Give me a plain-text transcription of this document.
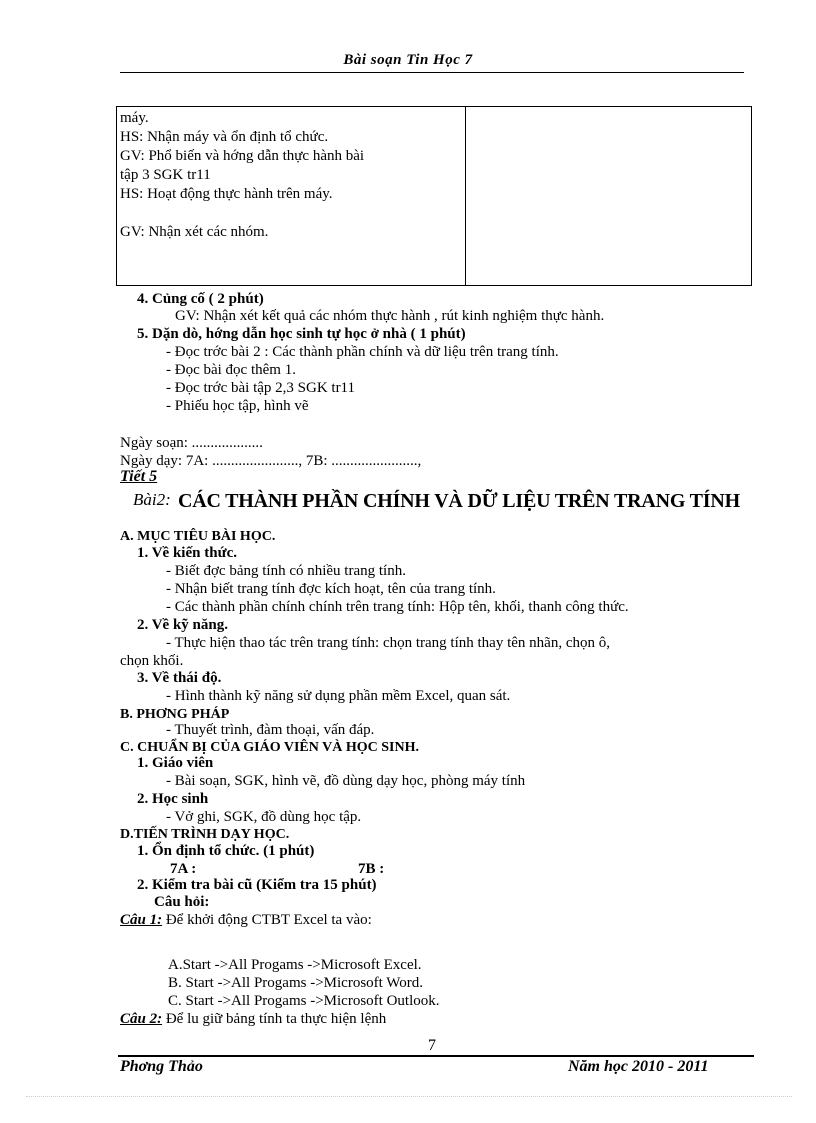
Bài soạn Tin Học 7
máy.
HS: Nhận máy và ổn định tổ chức.
GV: Phổ biến và hớng dẫn thực hành bài
tập 3 SGK tr11
HS: Hoạt động thực hành trên máy.
GV: Nhận xét các nhóm.
4. Củng cố ( 2 phút)
GV: Nhận xét kết quả các nhóm thực hành , rút kinh nghiệm thực hành.
5. Dặn dò, hớng dẫn học sinh tự học ở nhà ( 1 phút)
- Đọc trớc bài 2 : Các thành phần chính và dữ liệu trên trang tính.
- Đọc bài đọc thêm 1.
- Đọc trớc bài tập 2,3 SGK tr11
- Phiếu học tập, hình vẽ
Ngày soạn: ...................
Ngày dạy: 7A: ......................., 7B: .......................,
Tiết 5
Bài2: CÁC THÀNH PHẦN CHÍNH VÀ DỮ LIỆU TRÊN TRANG TÍNH
A. MỤC TIÊU BÀI HỌC.
1. Về kiến thức.
- Biết đợc bảng tính có nhiều trang tính.
- Nhận biết trang tính đợc kích hoạt, tên của trang tính.
- Các thành phần chính chính trên trang tính: Hộp tên, khối, thanh công thức.
2. Về kỹ năng.
- Thực hiện thao tác trên trang tính: chọn trang tính thay tên nhãn, chọn ô,
chọn khối.
3. Về thái độ.
- Hình thành kỹ năng sử dụng phần mềm Excel, quan sát.
B. PHƠNG PHÁP
- Thuyết trình, đàm thoại, vấn đáp.
C. CHUẨN BỊ CỦA GIÁO VIÊN VÀ HỌC SINH.
1. Giáo viên
- Bài soạn, SGK, hình vẽ, đồ dùng dạy học, phòng máy tính
2. Học sinh
- Vở ghi, SGK, đồ dùng học tập.
D.TIẾN TRÌNH DẠY HỌC.
1. Ổn định tổ chức. (1 phút)
7A :	7B :
2. Kiểm tra bài cũ (Kiểm tra 15 phút)
Câu hỏi:
Câu 1: Để khởi động CTBT Excel ta vào:
A.Start ->All Progams ->Microsoft Excel.
B. Start ->All Progams ->Microsoft Word.
C. Start ->All Progams ->Microsoft Outlook.
Câu 2: Để lu giữ bảng tính ta thực hiện lệnh
7
Phơng Thảo	Năm học 2010 - 2011
